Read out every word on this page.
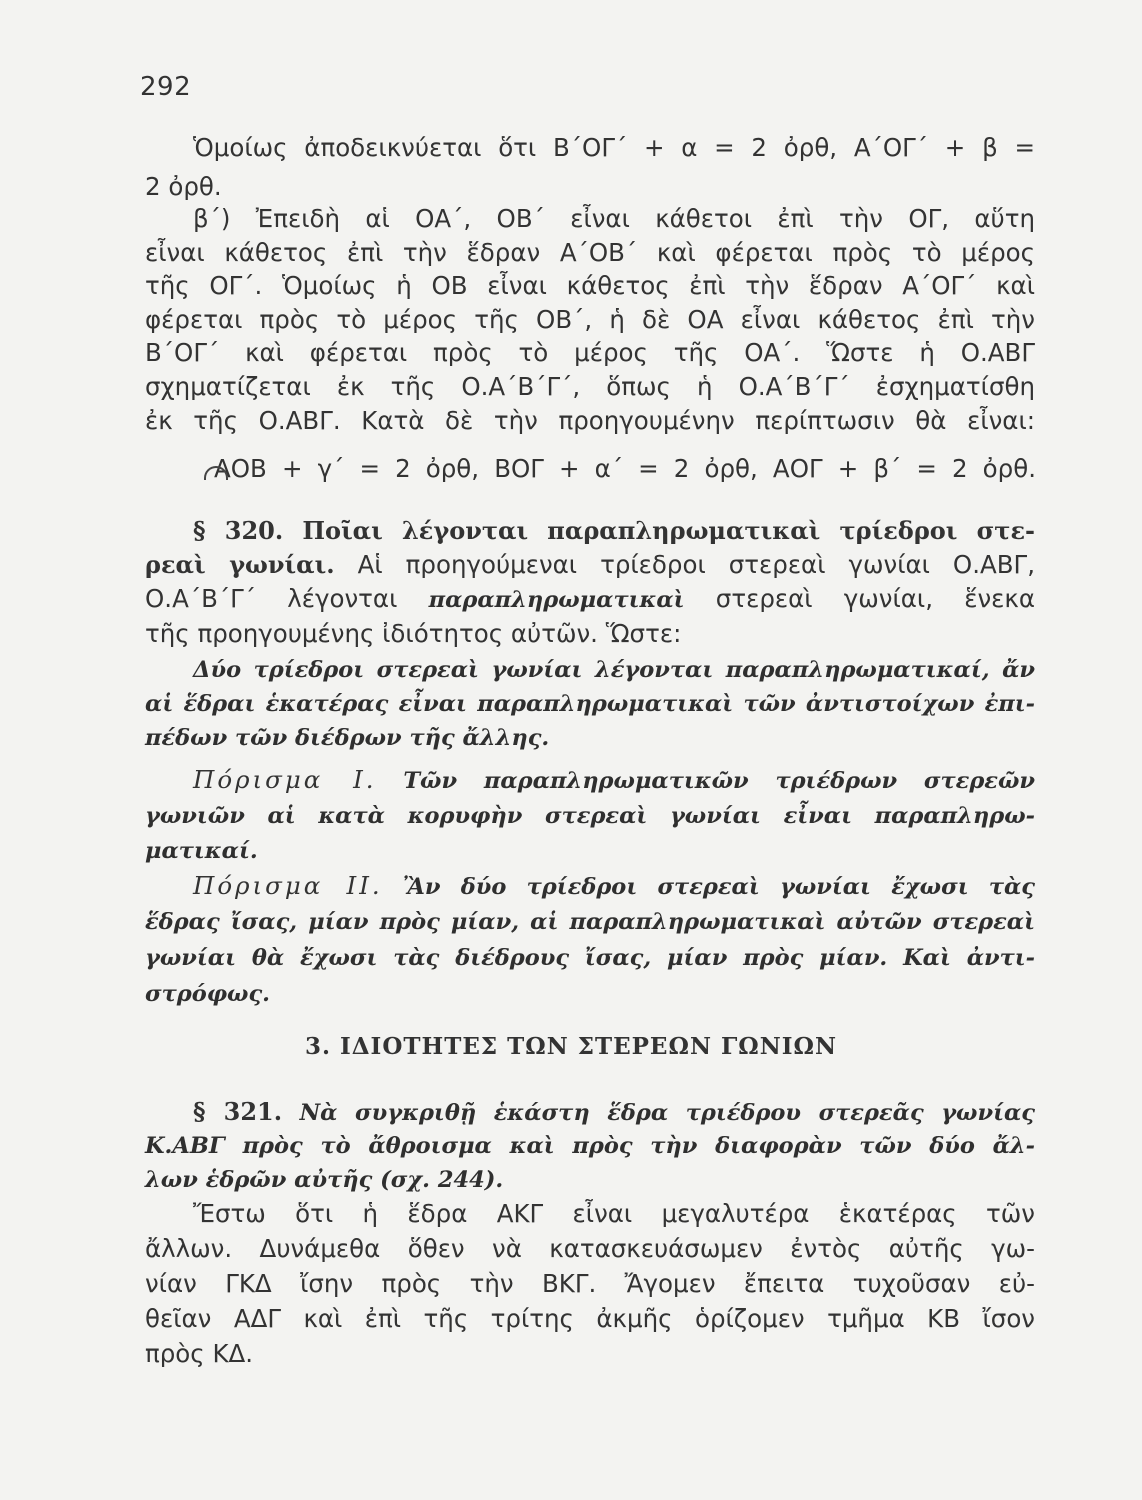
292
Ὁμοίως ἀποδεικνύεται ὅτι Β΄ΟΓ΄ + α = 2 ὀρθ, Α΄ΟΓ΄ + β =
2 ὀρθ.
β΄) Ἐπειδὴ αἱ ΟΑ΄, ΟΒ΄ εἶναι κάθετοι ἐπὶ τὴν ΟΓ, αὕτη
εἶναι κάθετος ἐπὶ τὴν ἕδραν Α΄ΟΒ΄ καὶ φέρεται πρὸς τὸ μέρος
τῆς ΟΓ΄. Ὁμοίως ἡ ΟΒ εἶναι κάθετος ἐπὶ τὴν ἕδραν Α΄ΟΓ΄ καὶ
φέρεται πρὸς τὸ μέρος τῆς ΟΒ΄, ἡ δὲ ΟΑ εἶναι κάθετος ἐπὶ τὴν
Β΄ΟΓ΄ καὶ φέρεται πρὸς τὸ μέρος τῆς ΟΑ΄. Ὥστε ἡ Ο.ΑΒΓ
σχηματίζεται ἐκ τῆς Ο.Α΄Β΄Γ΄, ὅπως ἡ Ο.Α΄Β΄Γ΄ ἐσχηματίσθη
ἐκ τῆς Ο.ΑΒΓ. Κατὰ δὲ τὴν προηγουμένην περίπτωσιν θὰ εἶναι:
ΑΟΒ + γ΄ = 2 ὀρθ, ΒΟΓ + α΄ = 2 ὀρθ, ΑΟΓ + β΄ = 2 ὀρθ.
§ 320. Ποῖαι λέγονται παραπληρωματικαὶ τρίεδροι στε-
ρεαὶ γωνίαι. Αἱ προηγούμεναι τρίεδροι στερεαὶ γωνίαι Ο.ΑΒΓ,
Ο.Α΄Β΄Γ΄ λέγονται παραπληρωματικαὶ στερεαὶ γωνίαι, ἕνεκα
τῆς προηγουμένης ἰδιότητος αὐτῶν. Ὥστε:
Δύο τρίεδροι στερεαὶ γωνίαι λέγονται παραπληρωματικαί, ἄν
αἱ ἕδραι ἑκατέρας εἶναι παραπληρωματικαὶ τῶν ἀντιστοίχων ἐπι-
πέδων τῶν διέδρων τῆς ἄλλης.
Πόρισμα Ι. Τῶν παραπληρωματικῶν τριέδρων στερεῶν
γωνιῶν αἱ κατὰ κορυφὴν στερεαὶ γωνίαι εἶναι παραπληρω-
ματικαί.
Πόρισμα ΙΙ. Ἂν δύο τρίεδροι στερεαὶ γωνίαι ἔχωσι τὰς
ἕδρας ἴσας, μίαν πρὸς μίαν, αἱ παραπληρωματικαὶ αὐτῶν στερεαὶ
γωνίαι θὰ ἔχωσι τὰς διέδρους ἴσας, μίαν πρὸς μίαν. Καὶ ἀντι-
στρόφως.
3. ΙΔΙΟΤΗΤΕΣ ΤΩΝ ΣΤΕΡΕΩΝ ΓΩΝΙΩΝ
§ 321. Νὰ συγκριθῇ ἑκάστη ἕδρα τριέδρου στερεᾶς γωνίας
Κ.ΑΒΓ πρὸς τὸ ἄθροισμα καὶ πρὸς τὴν διαφορὰν τῶν δύο ἄλ-
λων ἑδρῶν αὐτῆς (σχ. 244).
Ἔστω ὅτι ἡ ἕδρα ΑΚΓ εἶναι μεγαλυτέρα ἑκατέρας τῶν
ἄλλων. Δυνάμεθα ὅθεν νὰ κατασκευάσωμεν ἐντὸς αὐτῆς γω-
νίαν ΓΚΔ ἴσην πρὸς τὴν ΒΚΓ. Ἄγομεν ἔπειτα τυχοῦσαν εὐ-
θεῖαν ΑΔΓ καὶ ἐπὶ τῆς τρίτης ἀκμῆς ὁρίζομεν τμῆμα ΚΒ ἴσον
πρὸς ΚΔ.
